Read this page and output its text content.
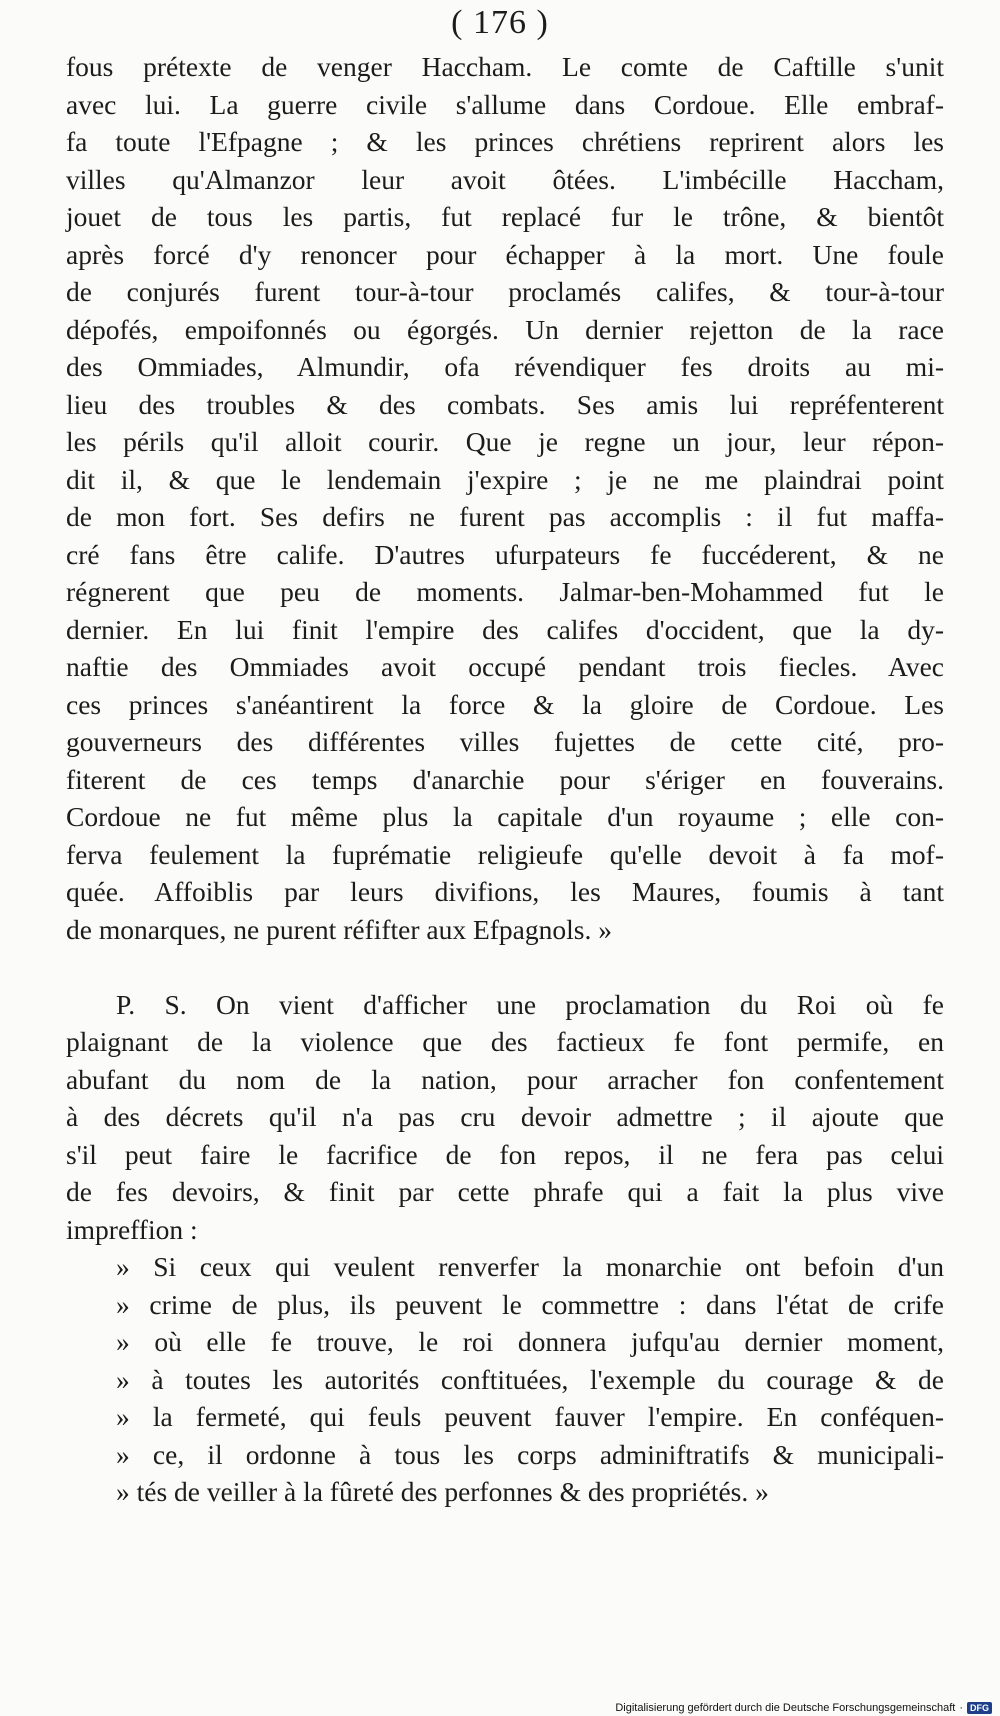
( 176 )
fous prétexte de venger Haccham. Le comte de Caftille s'unit
avec lui. La guerre civile s'allume dans Cordoue. Elle embraf-
fa toute l'Efpagne ; & les princes chrétiens reprirent alors les
villes qu'Almanzor leur avoit ôtées. L'imbécille Haccham,
jouet de tous les partis, fut replacé fur le trône, & bientôt
après forcé d'y renoncer pour échapper à la mort. Une foule
de conjurés furent tour-à-tour proclamés califes, & tour-à-tour
dépofés, empoifonnés ou égorgés. Un dernier rejetton de la race
des Ommiades, Almundir, ofa révendiquer fes droits au mi-
lieu des troubles & des combats. Ses amis lui repréfenterent
les périls qu'il alloit courir. Que je regne un jour, leur répon-
dit il, & que le lendemain j'expire ; je ne me plaindrai point
de mon fort. Ses defirs ne furent pas accomplis : il fut maffa-
cré fans être calife. D'autres ufurpateurs fe fuccéderent, & ne
régnerent que peu de moments. Jalmar-ben-Mohammed fut le
dernier. En lui finit l'empire des califes d'occident, que la dy-
naftie des Ommiades avoit occupé pendant trois fiecles. Avec
ces princes s'anéantirent la force & la gloire de Cordoue. Les
gouverneurs des différentes villes fujettes de cette cité, pro-
fiterent de ces temps d'anarchie pour s'ériger en fouverains.
Cordoue ne fut même plus la capitale d'un royaume ; elle con-
ferva feulement la fuprématie religieufe qu'elle devoit à fa mof-
quée. Affoiblis par leurs divifions, les Maures, foumis à tant
de monarques, ne purent réfifter aux Efpagnols. »
P. S. On vient d'afficher une proclamation du Roi où fe
plaignant de la violence que des factieux fe font permife, en
abufant du nom de la nation, pour arracher fon confentement
à des décrets qu'il n'a pas cru devoir admettre ; il ajoute que
s'il peut faire le facrifice de fon repos, il ne fera pas celui
de fes devoirs, & finit par cette phrafe qui a fait la plus vive
impreffion :
» Si ceux qui veulent renverfer la monarchie ont befoin d'un
» crime de plus, ils peuvent le commettre : dans l'état de crife
» où elle fe trouve, le roi donnera jufqu'au dernier moment,
» à toutes les autorités conftituées, l'exemple du courage & de
» la fermeté, qui feuls peuvent fauver l'empire. En conféquen-
» ce, il ordonne à tous les corps adminiftratifs & municipali-
» tés de veiller à la fûreté des perfonnes & des propriétés. »
Digitalisierung gefördert durch die Deutsche Forschungsgemeinschaft · DFG
